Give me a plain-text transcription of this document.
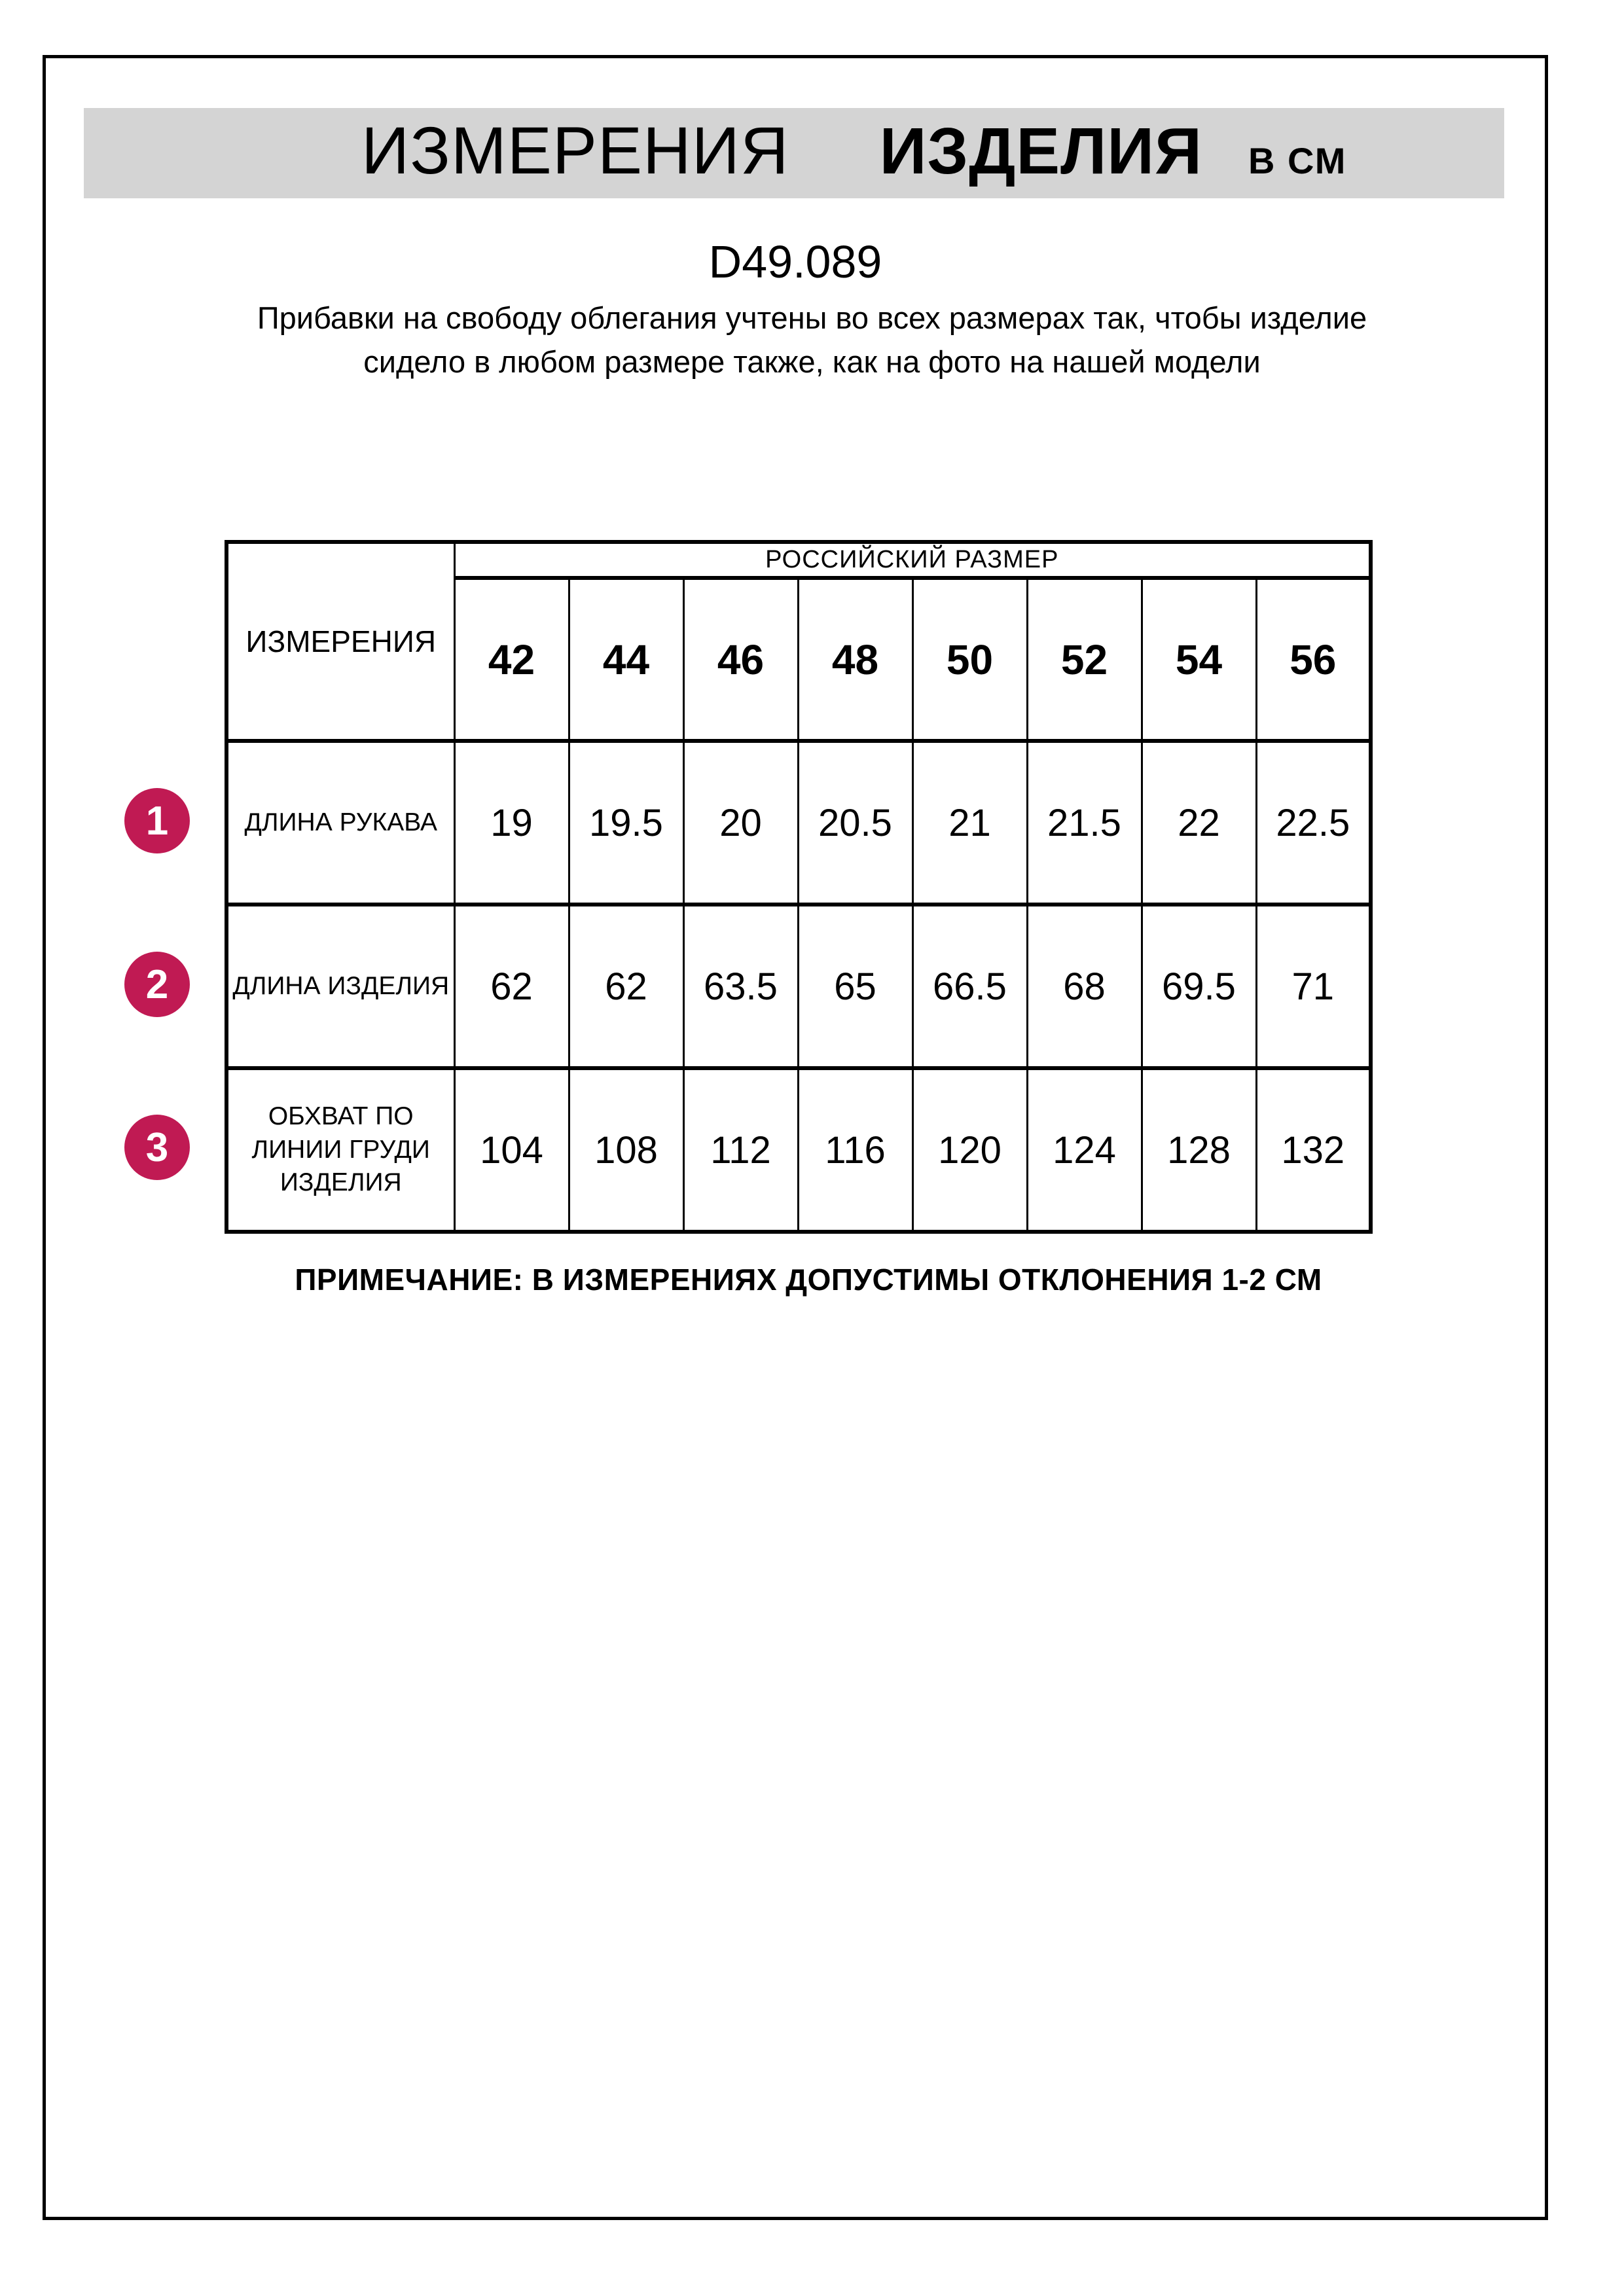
ИЗМЕРЕНИЯ ИЗДЕЛИЯ В СМ
D49.089
Прибавки на свободу облегания учтены во всех размерах так, чтобы изделие сидело в любом размере также, как на фото на нашей модели
ИЗМЕРЕНИЯ	РОССИЙСКИЙ РАЗМЕР							
	42	44	46	48	50	52	54	56
ДЛИНА РУКАВА	19	19.5	20	20.5	21	21.5	22	22.5
ДЛИНА ИЗДЕЛИЯ	62	62	63.5	65	66.5	68	69.5	71
ОБХВАТ ПО ЛИНИИ ГРУДИ ИЗДЕЛИЯ	104	108	112	116	120	124	128	132
1
2
3
ПРИМЕЧАНИЕ: В ИЗМЕРЕНИЯХ ДОПУСТИМЫ ОТКЛОНЕНИЯ 1-2 СМ
